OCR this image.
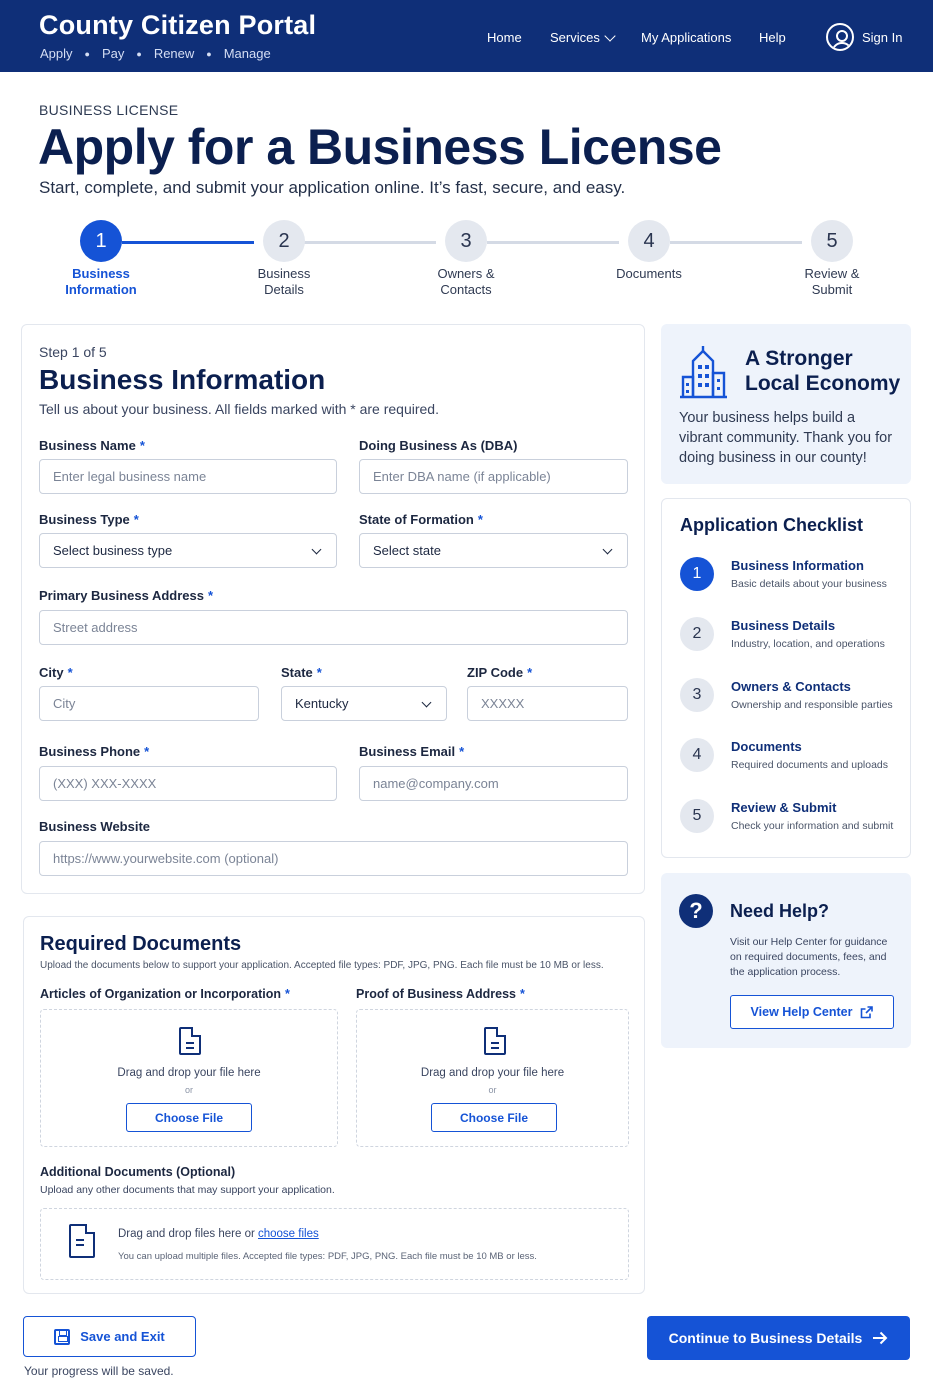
County Citizen Portal
Apply ● Pay ● Renew ● Manage
Home Services	My Applications Help	Sign In
BUSINESS LICENSE
Apply for a Business License
Start, complete, and submit your application online. It’s fast, secure, and easy.
1	2	3	4	5
Business
Information
Business
Details
Owners &
Contacts
Documents	Review &
Submit
Step 1 of 5
Business Information
Tell us about your business. All fields marked with * are required.
Business Name *
Enter legal business name
Doing Business As (DBA)
Enter DBA name (if applicable)
Business Type *
Select business type
State of Formation *
Select state
Primary Business Address *
Street address
City *
City
State *
Kentucky
ZIP Code *
XXXXX
Business Phone *
(XXX) XXX-XXXX
Business Email *
name@company.com
Business Website
https://www.yourwebsite.com (optional)
Required Documents
Upload the documents below to support your application. Accepted file types: PDF, JPG, PNG. Each file must be 10 MB or less.
Articles of Organization or Incorporation *
Drag and drop your file here
or
Choose File
Proof of Business Address *
Drag and drop your file here
or
Choose File
Additional Documents (Optional)
Upload any other documents that may support your application.
Drag and drop files here or choose files
You can upload multiple files. Accepted file types: PDF, JPG, PNG. Each file must be 10 MB or less.
A Stronger
Local Economy
Your business helps build a vibrant community. Thank you for doing business in our county!
Application Checklist
1	Business Information
Basic details about your business
2	Business Details
Industry, location, and operations
3	Owners & Contacts
Ownership and responsible parties
4	Documents
Required documents and uploads
5	Review & Submit
Check your information and submit
?	Need Help?
Visit our Help Center for guidance on required documents, fees, and the application process.
View Help Center
Save and Exit
Your progress will be saved.
Continue to Business Details
